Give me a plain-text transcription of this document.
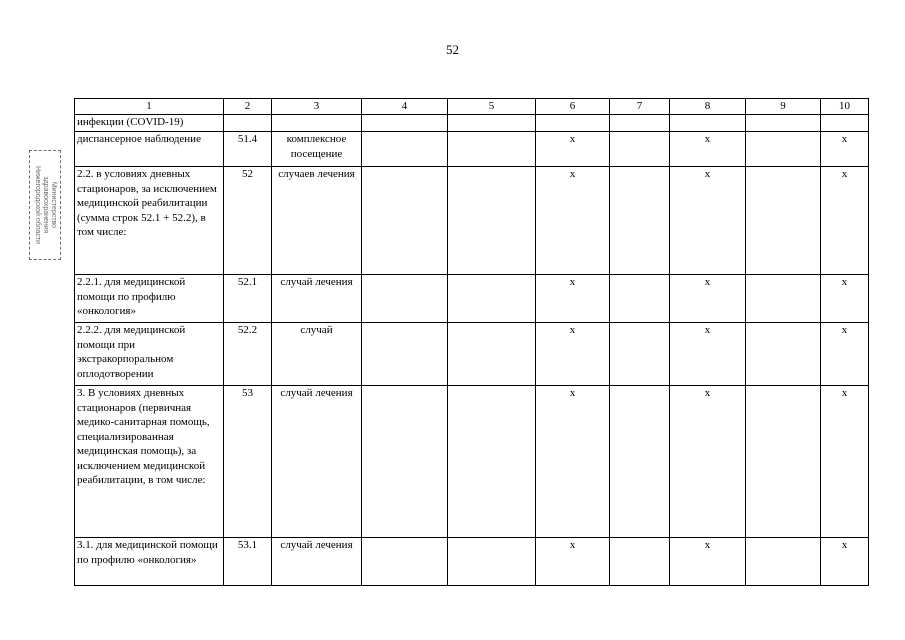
52
Министерство здравоохранения
Нижегородской области
1	2	3	4	5	6	7	8	9	10
инфекции (COVID-19)									
диспансерное наблюдение	51.4	комплексное посещение			х		х		х
2.2. в условиях дневных стационаров, за исключением медицинской реабилитации (сумма строк 52.1 + 52.2), в том числе:	52	случаев лечения			х		х		х
2.2.1. для медицинской помощи по профилю «онкология»	52.1	случай лечения			х		х		х
2.2.2. для медицинской помощи при экстракорпоральном оплодотворении	52.2	случай			х		х		х
3. В условиях дневных стационаров (первичная медико-санитарная помощь, специализированная медицинская помощь), за исключением медицинской реабилитации, в том числе:	53	случай лечения			х		х		х
3.1. для медицинской помощи по профилю «онкология»	53.1	случай лечения			х		х		х
